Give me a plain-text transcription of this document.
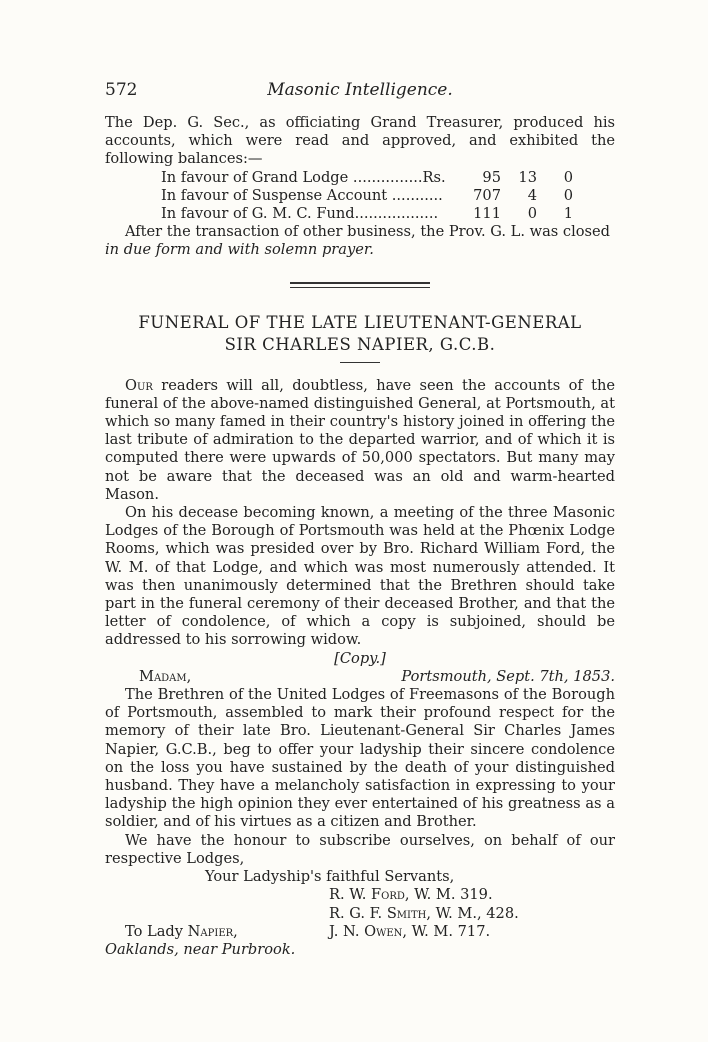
572	Masonic Intelligence.

The Dep. G. Sec., as officiating Grand Treasurer, produced his accounts, which were read and approved, and exhibited the following balances:—

In favour of Grand Lodge ...............Rs.	95	13	0
In favour of Suspense Account ...........	707	4	0
In favour of G. M. C. Fund..................	111	0	1

After the transaction of other business, the Prov. G. L. was closed

in due form and with solemn prayer.

FUNERAL OF THE LATE LIEUTENANT-GENERAL
SIR CHARLES NAPIER, G.C.B.

Our readers will all, doubtless, have seen the accounts of the funeral of the above-named distinguished General, at Portsmouth, at which so many famed in their country's history joined in offering the last tribute of admiration to the departed warrior, and of which it is computed there were upwards of 50,000 spectators. But many may not be aware that the deceased was an old and warm-hearted Mason.

On his decease becoming known, a meeting of the three Masonic Lodges of the Borough of Portsmouth was held at the Phœnix Lodge Rooms, which was presided over by Bro. Richard William Ford, the W. M. of that Lodge, and which was most numerously attended. It was then unanimously determined that the Brethren should take part in the funeral ceremony of their deceased Brother, and that the letter of condolence, of which a copy is subjoined, should be addressed to his sorrowing widow.

[Copy.]

Madam,	Portsmouth, Sept. 7th, 1853.

The Brethren of the United Lodges of Freemasons of the Borough of Portsmouth, assembled to mark their profound respect for the memory of their late Bro. Lieutenant-General Sir Charles James Napier, G.C.B., beg to offer your ladyship their sincere condolence on the loss you have sustained by the death of your distinguished husband. They have a melancholy satisfaction in expressing to your ladyship the high opinion they ever entertained of his greatness as a soldier, and of his virtues as a citizen and Brother.

We have the honour to subscribe ourselves, on behalf of our respective Lodges,

Your Ladyship's faithful Servants,

R. W. Ford, W. M. 319.

R. G. F. Smith, W. M., 428.

To Lady Napier,	J. N. Owen, W. M. 717.

Oaklands, near Purbrook.
